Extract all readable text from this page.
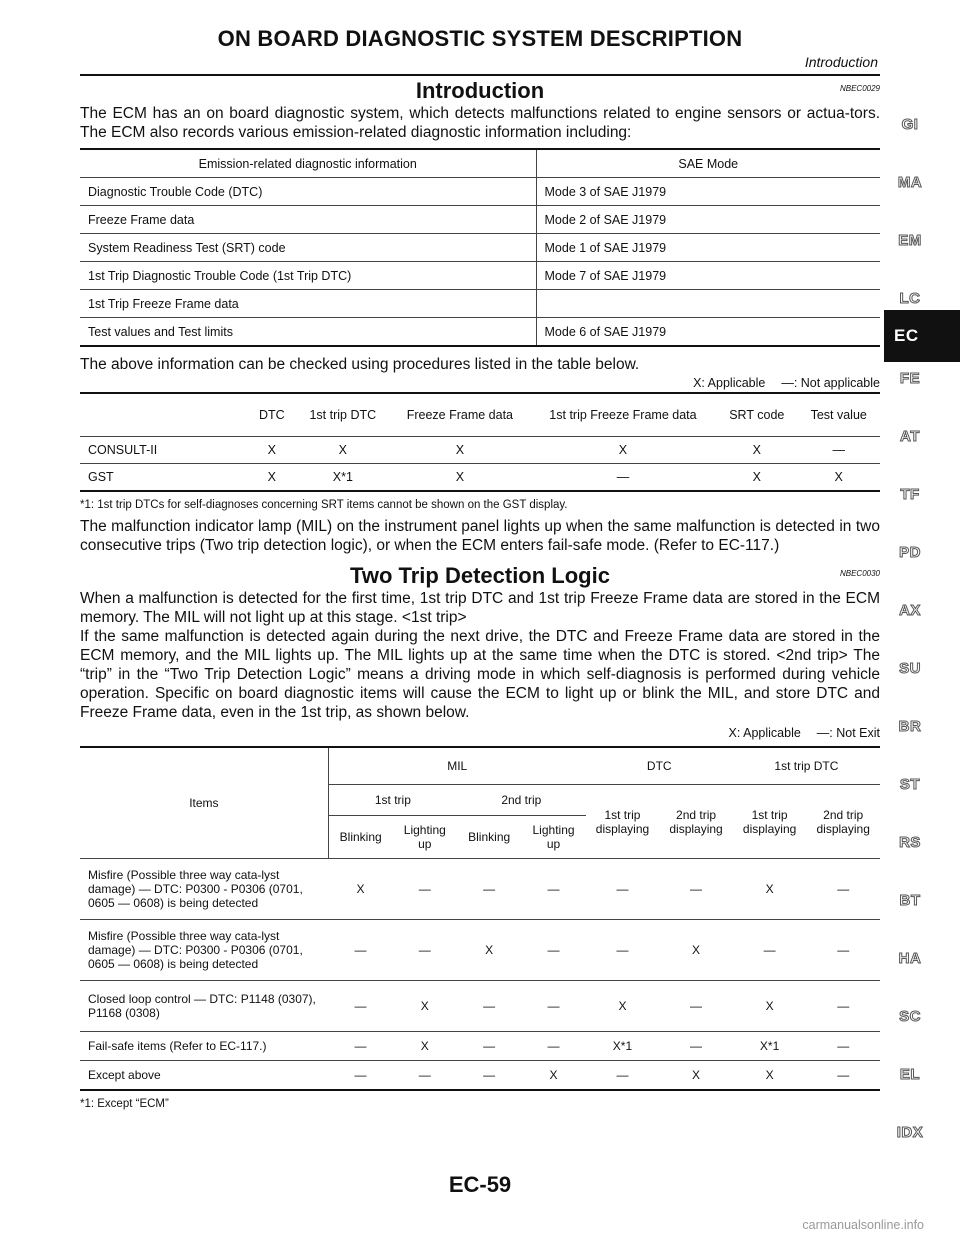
ON BOARD DIAGNOSTIC SYSTEM DESCRIPTION
Introduction
Introduction	NBEC0029

The ECM has an on board diagnostic system, which detects malfunctions related to engine sensors or actua-tors. The ECM also records various emission-related diagnostic information including:

Emission-related diagnostic information	SAE Mode
Diagnostic Trouble Code (DTC)	Mode 3 of SAE J1979
Freeze Frame data	Mode 2 of SAE J1979
System Readiness Test (SRT) code	Mode 1 of SAE J1979
1st Trip Diagnostic Trouble Code (1st Trip DTC)	Mode 7 of SAE J1979
1st Trip Freeze Frame data	
Test values and Test limits	Mode 6 of SAE J1979

The above information can be checked using procedures listed in the table below.

X: Applicable  —: Not applicable

	DTC	1st trip DTC	Freeze Frame data	1st trip Freeze Frame data	SRT code	Test value
CONSULT-II	X	X	X	X	X	—
GST	X	X*1	X	—	X	X

*1: 1st trip DTCs for self-diagnoses concerning SRT items cannot be shown on the GST display.

The malfunction indicator lamp (MIL) on the instrument panel lights up when the same malfunction is detected in two consecutive trips (Two trip detection logic), or when the ECM enters fail-safe mode. (Refer to EC-117.)

Two Trip Detection Logic	NBEC0030

When a malfunction is detected for the first time, 1st trip DTC and 1st trip Freeze Frame data are stored in the ECM memory. The MIL will not light up at this stage. <1st trip>

If the same malfunction is detected again during the next drive, the DTC and Freeze Frame data are stored in the ECM memory, and the MIL lights up. The MIL lights up at the same time when the DTC is stored. <2nd trip> The “trip” in the “Two Trip Detection Logic” means a driving mode in which self-diagnosis is performed during vehicle operation. Specific on board diagnostic items will cause the ECM to light up or blink the MIL, and store DTC and Freeze Frame data, even in the 1st trip, as shown below.

X: Applicable  —: Not Exit

Items	MIL				DTC		1st trip DTC	
	1st trip		2nd trip		1st trip displaying	2nd trip displaying	1st trip displaying	2nd trip displaying
	Blinking	Lighting up	Blinking	Lighting up				
Misfire (Possible three way cata-lyst damage) — DTC: P0300 - P0306 (0701, 0605 — 0608) is being detected	X	—	—	—	—	—	X	—
Misfire (Possible three way cata-lyst damage) — DTC: P0300 - P0306 (0701, 0605 — 0608) is being detected	—	—	X	—	—	X	—	—
Closed loop control — DTC: P1148 (0307), P1168 (0308)	—	X	—	—	X	—	X	—
Fail-safe items (Refer to EC-117.)	—	X	—	—	X*1	—	X*1	—
Except above	—	—	—	X	—	X	X	—

*1: Except “ECM”

GI
MA
EM
LC
EC
FE
AT
TF
PD
AX
SU
BR
ST
RS
BT
HA
SC
EL
IDX
EC-59
carmanualsonline.info
